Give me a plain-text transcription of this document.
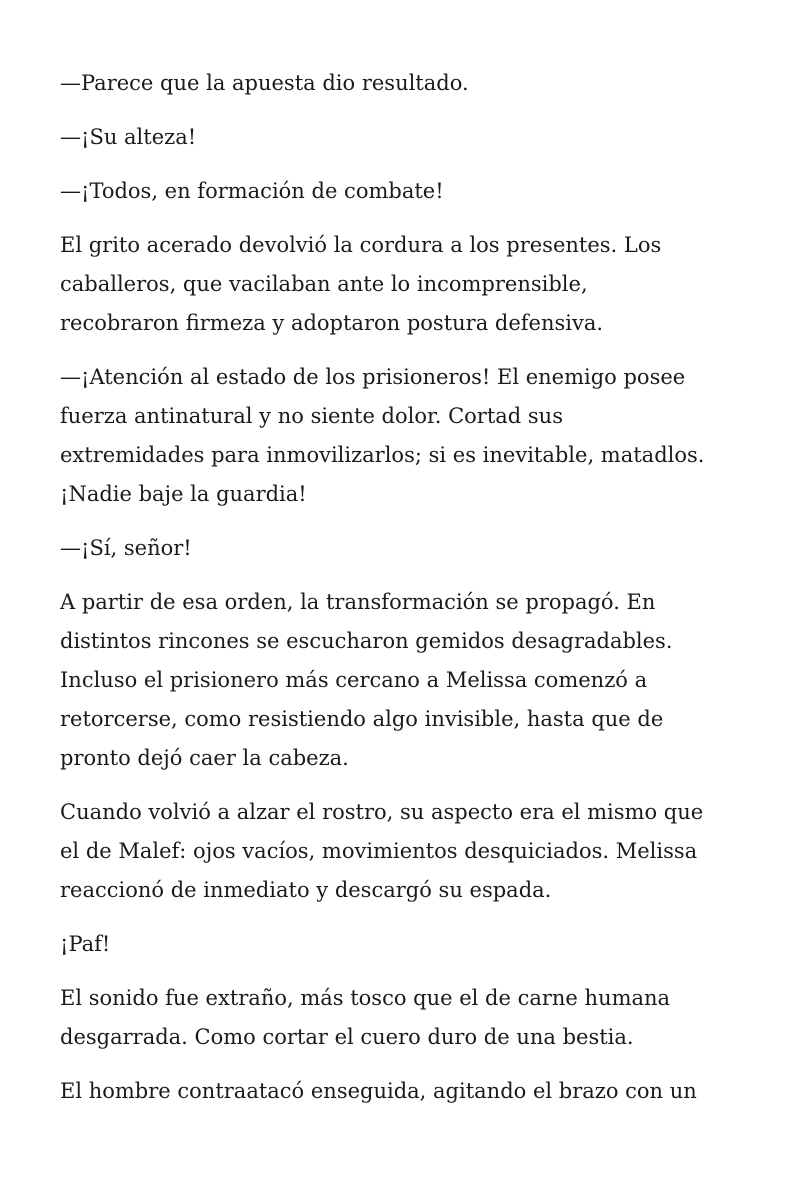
—Parece que la apuesta dio resultado.

—¡Su alteza!

—¡Todos, en formación de combate!

El grito acerado devolvió la cordura a los presentes. Los
caballeros, que vacilaban ante lo incomprensible,
recobraron firmeza y adoptaron postura defensiva.

—¡Atención al estado de los prisioneros! El enemigo posee
fuerza antinatural y no siente dolor. Cortad sus
extremidades para inmovilizarlos; si es inevitable, matadlos.
¡Nadie baje la guardia!

—¡Sí, señor!

A partir de esa orden, la transformación se propagó. En
distintos rincones se escucharon gemidos desagradables.
Incluso el prisionero más cercano a Melissa comenzó a
retorcerse, como resistiendo algo invisible, hasta que de
pronto dejó caer la cabeza.

Cuando volvió a alzar el rostro, su aspecto era el mismo que
el de Malef: ojos vacíos, movimientos desquiciados. Melissa
reaccionó de inmediato y descargó su espada.

¡Paf!

El sonido fue extraño, más tosco que el de carne humana
desgarrada. Como cortar el cuero duro de una bestia.

El hombre contraatacó enseguida, agitando el brazo con un
